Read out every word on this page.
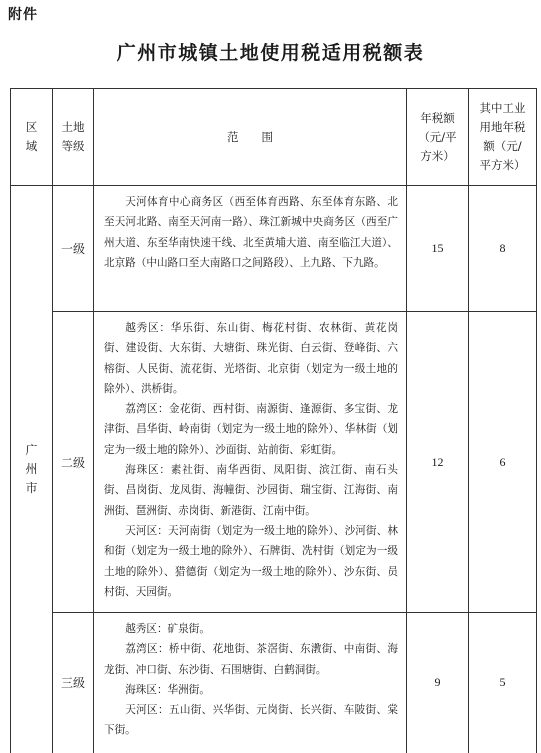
附件
广州市城镇土地使用税适用税额表
区域	土地等级	范　　围	年税额（元/平方米）	其中工业用地年税额（元/平方米）
广州市	一级	天河体育中心商务区（西至体育西路、东至体育东路、北至天河北路、南至天河南一路）、珠江新城中央商务区（西至广州大道、东至华南快速干线、北至黄埔大道、南至临江大道）、北京路（中山路口至大南路口之间路段）、上九路、下九路。	15	8
	二级	越秀区：华乐街、东山街、梅花村街、农林街、黄花岗街、建设街、大东街、大塘街、珠光街、白云街、登峰街、六榕街、人民街、流花街、光塔街、北京街（划定为一级土地的除外）、洪桥街。
荔湾区：金花街、西村街、南源街、逢源街、多宝街、龙津街、昌华街、岭南街（划定为一级土地的除外）、华林街（划定为一级土地的除外）、沙面街、站前街、彩虹街。
海珠区：素社街、南华西街、凤阳街、滨江街、南石头街、昌岗街、龙凤街、海幢街、沙园街、瑞宝街、江海街、南洲街、琶洲街、赤岗街、新港街、江南中街。
天河区：天河南街（划定为一级土地的除外）、沙河街、林和街（划定为一级土地的除外）、石牌街、冼村街（划定为一级土地的除外）、猎德街（划定为一级土地的除外）、沙东街、员村街、天园街。	12	6
	三级	越秀区：矿泉街。
荔湾区：桥中街、花地街、茶滘街、东漖街、中南街、海龙街、冲口街、东沙街、石围塘街、白鹤洞街。
海珠区：华洲街。
天河区：五山街、兴华街、元岗街、长兴街、车陂街、棠下街。	9	5
